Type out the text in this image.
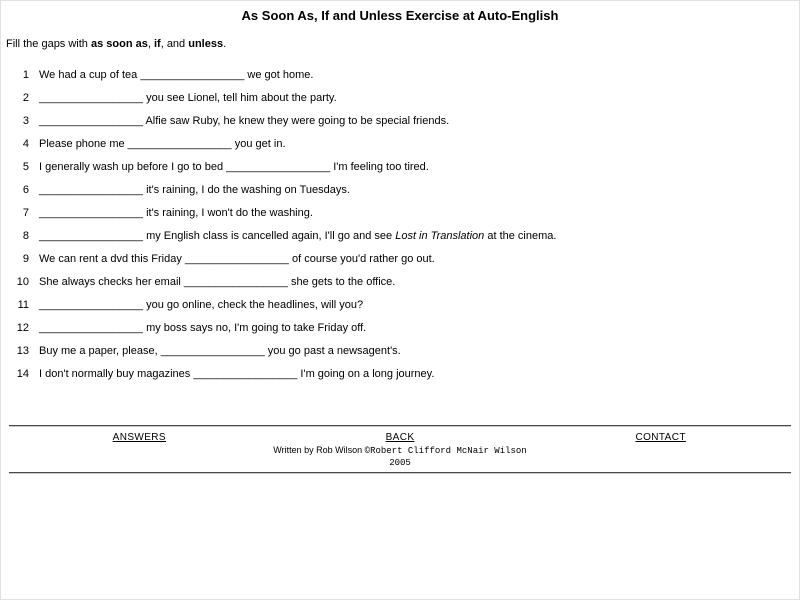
As Soon As, If and Unless Exercise at Auto-English
Fill the gaps with as soon as, if, and unless.
1 We had a cup of tea _________________ we got home.
2 _________________ you see Lionel, tell him about the party.
3 _________________ Alfie saw Ruby, he knew they were going to be special friends.
4 Please phone me _________________ you get in.
5 I generally wash up before I go to bed _________________ I'm feeling too tired.
6 _________________ it's raining, I do the washing on Tuesdays.
7 _________________ it's raining, I won't do the washing.
8 _________________ my English class is cancelled again, I'll go and see Lost in Translation at the cinema.
9 We can rent a dvd this Friday _________________ of course you'd rather go out.
10 She always checks her email _________________ she gets to the office.
11 _________________ you go online, check the headlines, will you?
12 _________________ my boss says no, I'm going to take Friday off.
13 Buy me a paper, please, _________________ you go past a newsagent's.
14 I don't normally buy magazines _________________ I'm going on a long journey.
ANSWERS	BACK
Written by Rob Wilson ©Robert Clifford McNair Wilson 2005
CONTACT
